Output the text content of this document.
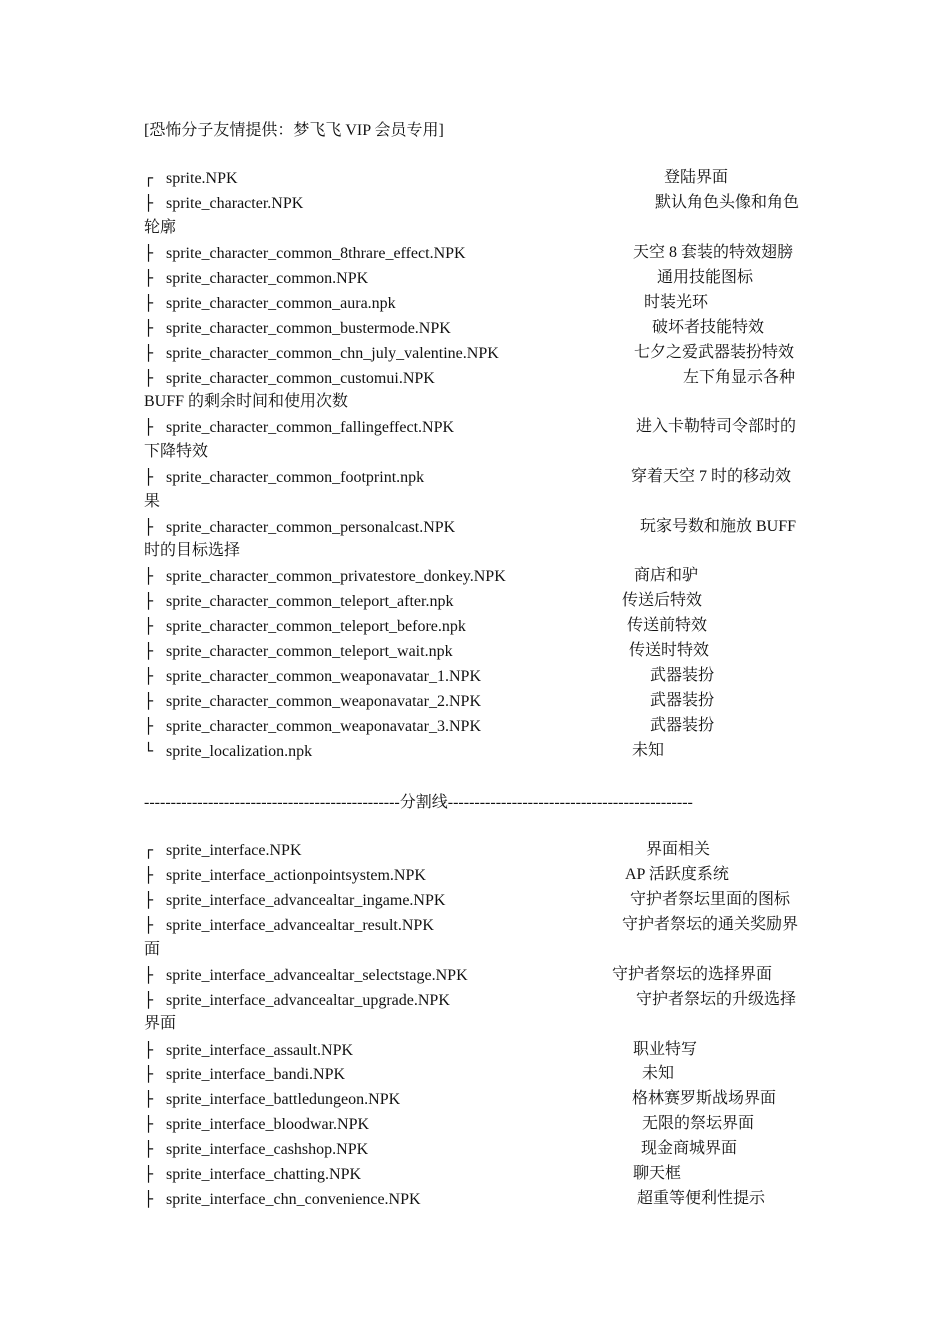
[恐怖分子友情提供：梦飞飞 VIP 会员专用]
┌ sprite.NPK	登陆界面
├ sprite_character.NPK	默认角色头像和角色
轮廓
├ sprite_character_common_8thrare_effect.NPK	天空 8 套装的特效翅膀
├ sprite_character_common.NPK	通用技能图标
├ sprite_character_common_aura.npk	时装光环
├ sprite_character_common_bustermode.NPK	破坏者技能特效
├ sprite_character_common_chn_july_valentine.NPK	七夕之爱武器装扮特效
├ sprite_character_common_customui.NPK	左下角显示各种
BUFF 的剩余时间和使用次数
├ sprite_character_common_fallingeffect.NPK	进入卡勒特司令部时的
下降特效
├ sprite_character_common_footprint.npk	穿着天空 7 时的移动效
果
├ sprite_character_common_personalcast.NPK	玩家号数和施放 BUFF
时的目标选择
├ sprite_character_common_privatestore_donkey.NPK	商店和驴
├ sprite_character_common_teleport_after.npk	传送后特效
├ sprite_character_common_teleport_before.npk	传送前特效
├ sprite_character_common_teleport_wait.npk	传送时特效
├ sprite_character_common_weaponavatar_1.NPK	武器装扮
├ sprite_character_common_weaponavatar_2.NPK	武器装扮
├ sprite_character_common_weaponavatar_3.NPK	武器装扮
└ sprite_localization.npk	未知
------------------------------------------------分割线----------------------------------------------
┌ sprite_interface.NPK	界面相关
├ sprite_interface_actionpointsystem.NPK	AP 活跃度系统
├ sprite_interface_advancealtar_ingame.NPK	守护者祭坛里面的图标
├ sprite_interface_advancealtar_result.NPK	守护者祭坛的通关奖励界
面
├ sprite_interface_advancealtar_selectstage.NPK	守护者祭坛的选择界面
├ sprite_interface_advancealtar_upgrade.NPK	守护者祭坛的升级选择
界面
├ sprite_interface_assault.NPK	职业特写
├ sprite_interface_bandi.NPK	未知
├ sprite_interface_battledungeon.NPK	格林赛罗斯战场界面
├ sprite_interface_bloodwar.NPK	无限的祭坛界面
├ sprite_interface_cashshop.NPK	现金商城界面
├ sprite_interface_chatting.NPK	聊天框
├ sprite_interface_chn_convenience.NPK	超重等便利性提示
